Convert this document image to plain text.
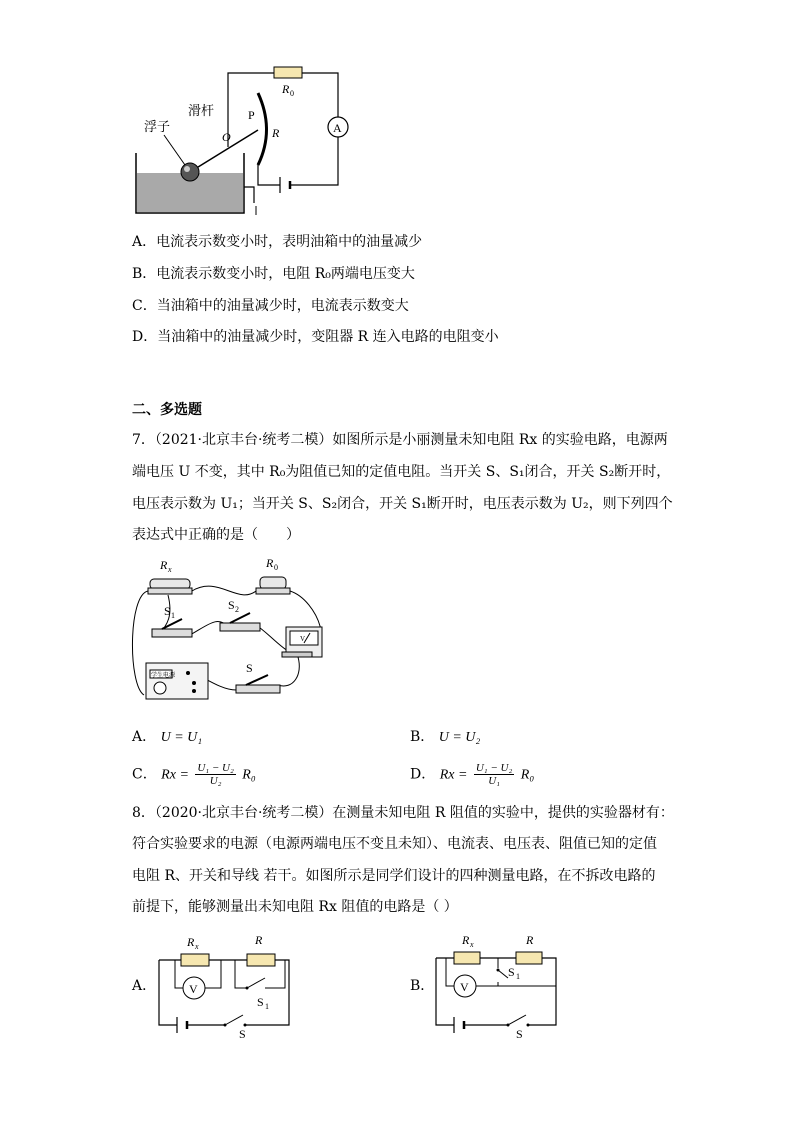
R 0
A
R
P
O
滑杆
浮子
A．电流表示数变小时，表明油箱中的油量减少
B．电流表示数变小时，电阻 R₀两端电压变大
C．当油箱中的油量减少时，电流表示数变大
D．当油箱中的油量减少时，变阻器 R 连入电路的电阻变小
二、多选题
7．（2021·北京丰台·统考二模）如图所示是小丽测量未知电阻 Rx 的实验电路，电源两
端电压 U 不变，其中 R₀为阻值已知的定值电阻。当开关 S、S₁闭合，开关 S₂断开时，
电压表示数为 U₁；当开关 S、S₂闭合，开关 S₁断开时，电压表示数为 U₂，则下列四个
表达式中正确的是（　　）
R x	R 0
S 1
S 2
V
学生电源
S
A． U = U₁	B． U = U₂
C． $Rx = \frac{\text{U₁ − U₂}}{\text{U₂}} R_0$	D． $Rx = \frac{\text{U₁ − U₂}}{\text{U₁}} R_0$
8．（2020·北京丰台·统考二模）在测量未知电阻 R 阻值的实验中，提供的实验器材有：
符合实验要求的电源（电源两端电压不变且未知）、电流表、电压表、阻值已知的定值
电阻 R、开关和导线 若干。如图所示是同学们设计的四种测量电路，在不拆改电路的
前提下，能够测量出未知电阻 Rx 阻值的电路是（ ）
A．
R x	R
V
S 1
S
B．
R x	R
V
S 1
S
